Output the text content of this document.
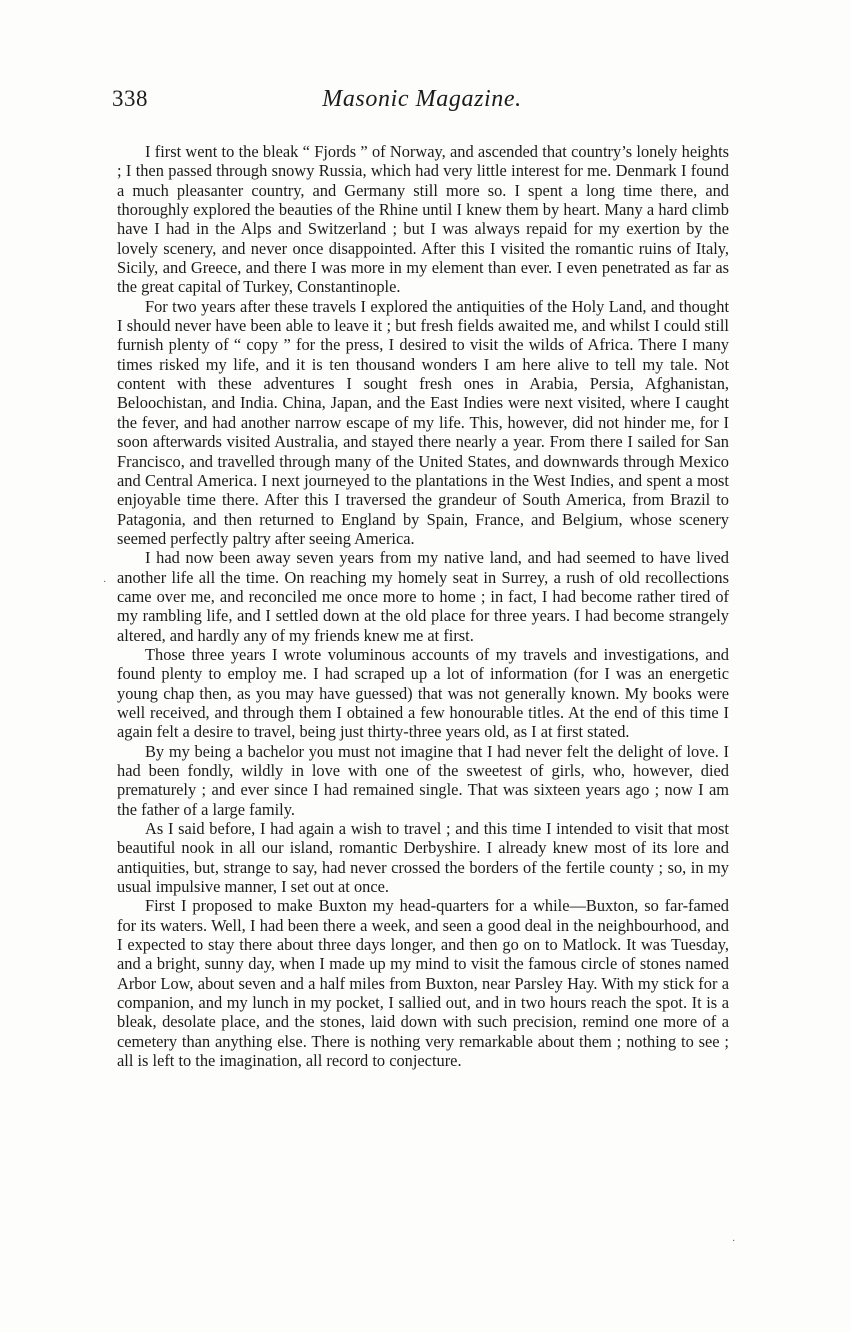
338	Masonic Magazine.

I first went to the bleak “ Fjords ” of Norway, and ascended that country’s lonely heights ; I then passed through snowy Russia, which had very little interest for me. Denmark I found a much pleasanter country, and Germany still more so. I spent a long time there, and thoroughly explored the beauties of the Rhine until I knew them by heart. Many a hard climb have I had in the Alps and Switzerland ; but I was always repaid for my exertion by the lovely scenery, and never once disappointed. After this I visited the romantic ruins of Italy, Sicily, and Greece, and there I was more in my element than ever. I even penetrated as far as the great capital of Turkey, Constantinople.

For two years after these travels I explored the antiquities of the Holy Land, and thought I should never have been able to leave it ; but fresh fields awaited me, and whilst I could still furnish plenty of “ copy ” for the press, I desired to visit the wilds of Africa. There I many times risked my life, and it is ten thousand wonders I am here alive to tell my tale. Not content with these adventures I sought fresh ones in Arabia, Persia, Afghanistan, Beloochistan, and India. China, Japan, and the East Indies were next visited, where I caught the fever, and had another narrow escape of my life. This, however, did not hinder me, for I soon afterwards visited Australia, and stayed there nearly a year. From there I sailed for San Francisco, and travelled through many of the United States, and downwards through Mexico and Central America. I next journeyed to the plantations in the West Indies, and spent a most enjoyable time there. After this I traversed the grandeur of South America, from Brazil to Patagonia, and then returned to England by Spain, France, and Belgium, whose scenery seemed perfectly paltry after seeing America.

I had now been away seven years from my native land, and had seemed to have lived another life all the time. On reaching my homely seat in Surrey, a rush of old recollections came over me, and reconciled me once more to home ; in fact, I had become rather tired of my rambling life, and I settled down at the old place for three years. I had become strangely altered, and hardly any of my friends knew me at first.

Those three years I wrote voluminous accounts of my travels and investigations, and found plenty to employ me. I had scraped up a lot of information (for I was an energetic young chap then, as you may have guessed) that was not generally known. My books were well received, and through them I obtained a few honourable titles. At the end of this time I again felt a desire to travel, being just thirty-three years old, as I at first stated.

By my being a bachelor you must not imagine that I had never felt the delight of love. I had been fondly, wildly in love with one of the sweetest of girls, who, however, died prematurely ; and ever since I had remained single. That was sixteen years ago ; now I am the father of a large family.

As I said before, I had again a wish to travel ; and this time I intended to visit that most beautiful nook in all our island, romantic Derbyshire. I already knew most of its lore and antiquities, but, strange to say, had never crossed the borders of the fertile county ; so, in my usual impulsive manner, I set out at once.

First I proposed to make Buxton my head-quarters for a while—Buxton, so far-famed for its waters. Well, I had been there a week, and seen a good deal in the neighbourhood, and I expected to stay there about three days longer, and then go on to Matlock. It was Tuesday, and a bright, sunny day, when I made up my mind to visit the famous circle of stones named Arbor Low, about seven and a half miles from Buxton, near Parsley Hay. With my stick for a companion, and my lunch in my pocket, I sallied out, and in two hours reach the spot. It is a bleak, desolate place, and the stones, laid down with such precision, remind one more of a cemetery than anything else. There is nothing very remarkable about them ; nothing to see ; all is left to the imagination, all record to conjecture.

·
·
